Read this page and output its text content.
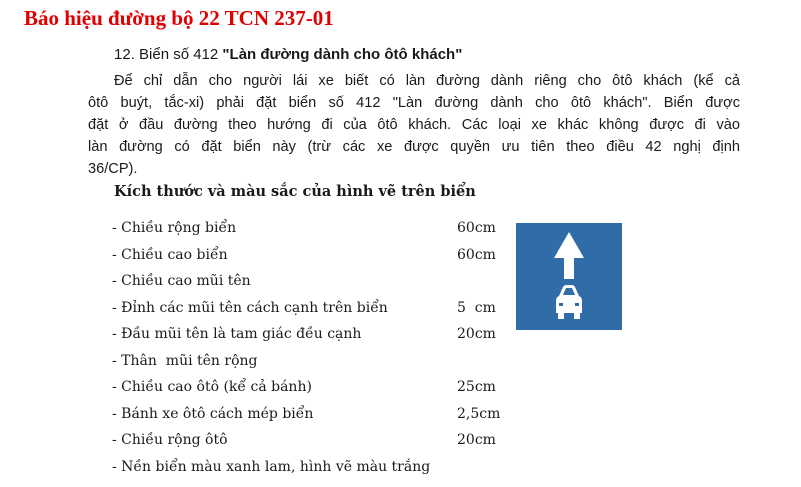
Báo hiệu đường bộ 22 TCN 237-01
12. Biển số 412 "Làn đường dành cho ôtô khách"
Để chỉ dẫn cho người lái xe biết có làn đường dành riêng cho ôtô khách (kể cả
ôtô buýt, tắc-xi) phải đặt biển số 412 "Làn đường dành cho ôtô khách". Biển được
đặt ở đầu đường theo hướng đi của ôtô khách. Các loại xe khác không được đi vào
làn đường có đặt biển này (trừ các xe được quyền ưu tiên theo điều 42 nghị định
36/CP).
Kích thước và màu sắc của hình vẽ trên biển
- Chiều rộng biển	60cm
- Chiều cao biển	60cm
- Chiều cao mũi tên
- Đỉnh các mũi tên cách cạnh trên biển	5  cm
- Đầu mũi tên là tam giác đều cạnh	20cm
- Thân  mũi tên rộng
- Chiều cao ôtô (kể cả bánh)	25cm
- Bánh xe ôtô cách mép biển	2,5cm
- Chiều rộng ôtô	20cm
- Nền biển màu xanh lam, hình vẽ màu trắng
